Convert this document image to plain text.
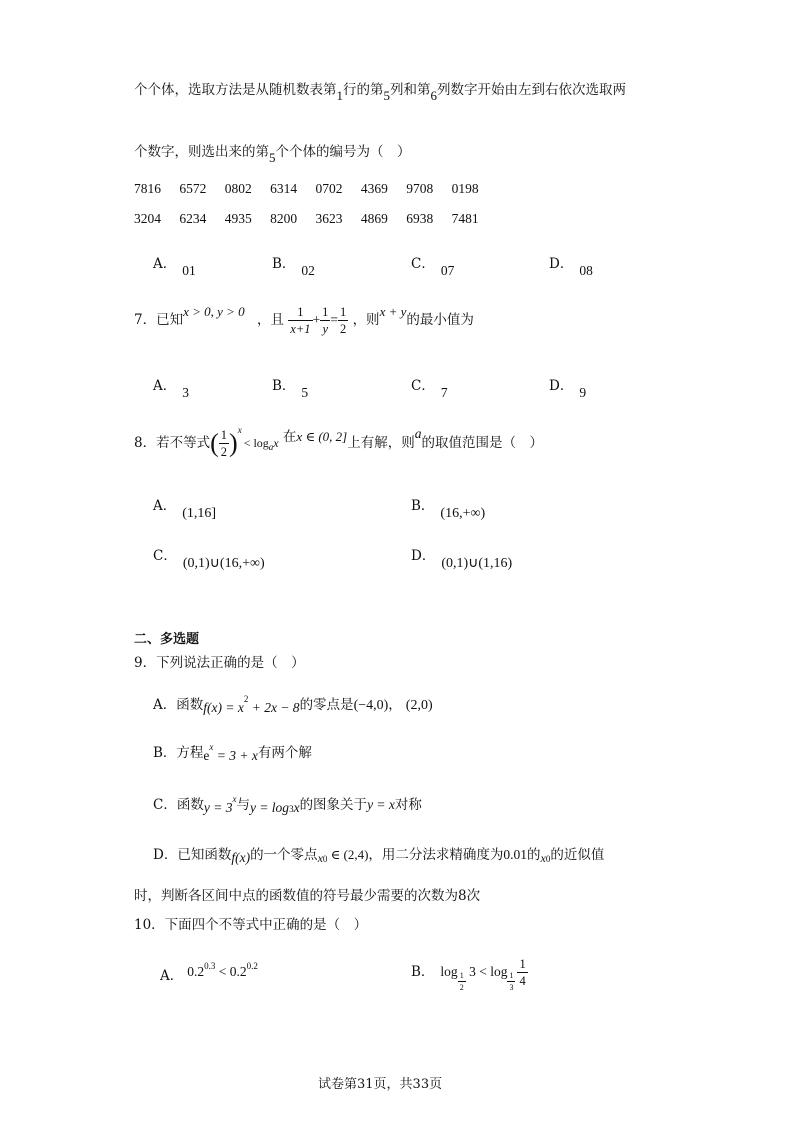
个个体，选取方法是从随机数表第1行的第5列和第6列数字开始由左到右依次选取两
个数字，则选出来的第5个个体的编号为（　）
7816 6572 0802 6314 0702 4369 9708 0198
3204 6234 4935 8200 3623 4869 6938 7481
A． 01	B． 02	C． 07	D． 08
7．已知x > 0, y > 0 ，且 $\frac{1}{x+1} + \frac{1}{y} = \frac{1}{2}$ ，则x + y的最小值为
A． 3	B． 5	C． 7	D． 9
8．若不等式( $\frac{1}{2} )^x< \log_ax$ 在x ∈ (0, 2]上有解，则a的取值范围是（　）
A． (1,16]	B． (16,+∞)
C． (0,1)∪(16,+∞)	D． (0,1)∪(1,16)
二、多选题
9．下列说法正确的是（　）
A．函数$f(x) = x^2 + 2x - 8$的零点是(−4,0)， (2,0)
B．方程$e^x = 3 + x$有两个解
C．函数$y = 3^x$与$y = \log_3x$的图象关于y = x对称
D．已知函数f(x)的一个零点$x_0$ ∈ (2,4)，用二分法求精确度为0.01的$x_0$的近似值
时，判断各区间中点的函数值的符号最少需要的次数为8次
10．下面四个不等式中正确的是（　）
A． $0.2^{0.3} < 0.2^{0.2}$	B． log
$\frac{1}{2}$
3 < log
$\frac{1}{3} \frac{1}{4}$
试卷第31页，共33页
